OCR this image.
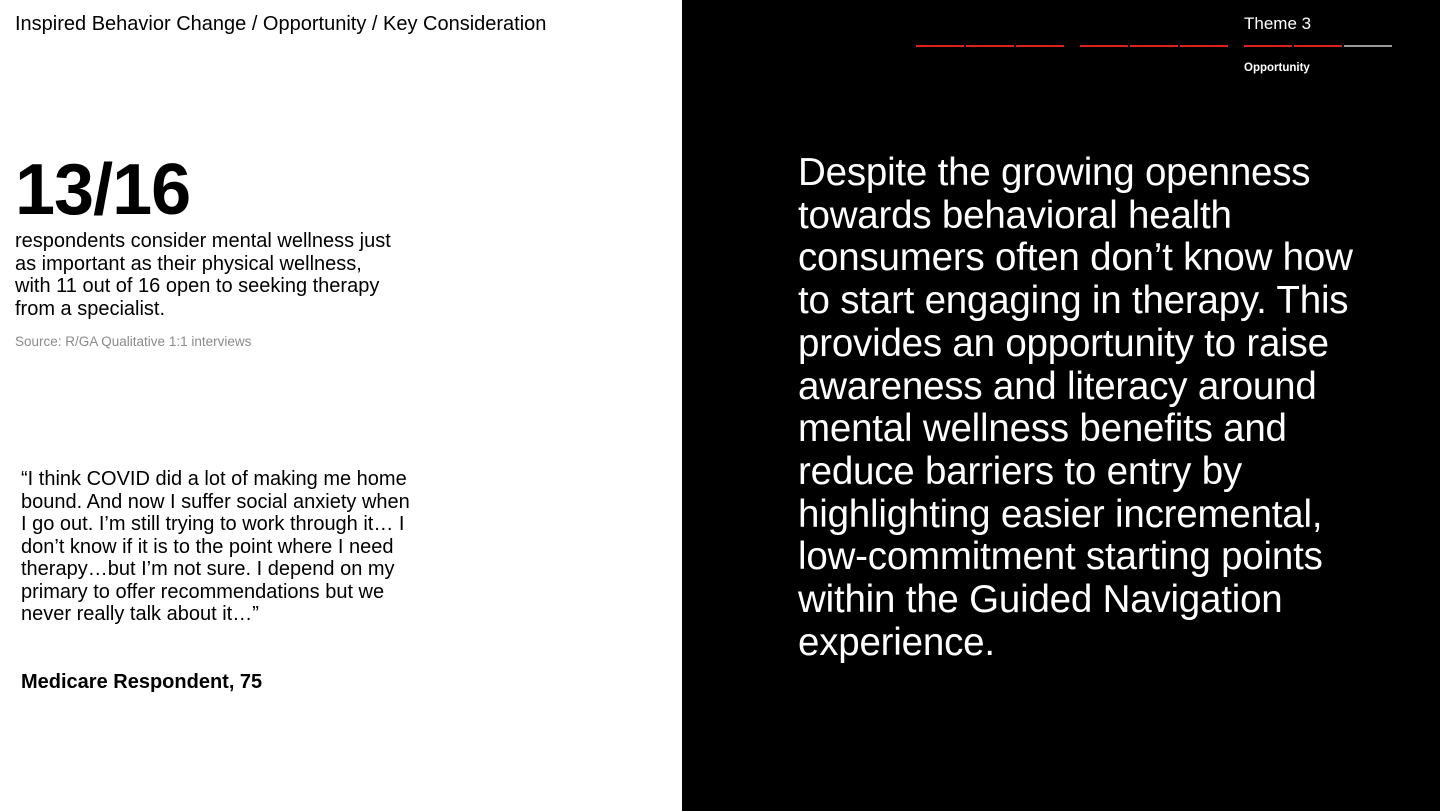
Inspired Behavior Change / Opportunity / Key Consideration
13/16
respondents consider mental wellness just as important as their physical wellness, with 11 out of 16 open to seeking therapy from a specialist.
Source: R/GA Qualitative 1:1 interviews
“I think COVID did a lot of making me home bound. And now I suffer social anxiety when I go out. I’m still trying to work through it… I don’t know if it is to the point where I need therapy…but I’m not sure. I depend on my primary to offer recommendations but we never really talk about it…”
Medicare Respondent, 75
Theme 3
Opportunity
Despite the growing openness towards behavioral health consumers often don’t know how to start engaging in therapy. This provides an opportunity to raise awareness and literacy around mental wellness benefits and reduce barriers to entry by highlighting easier incremental, low-commitment starting points within the Guided Navigation experience.
